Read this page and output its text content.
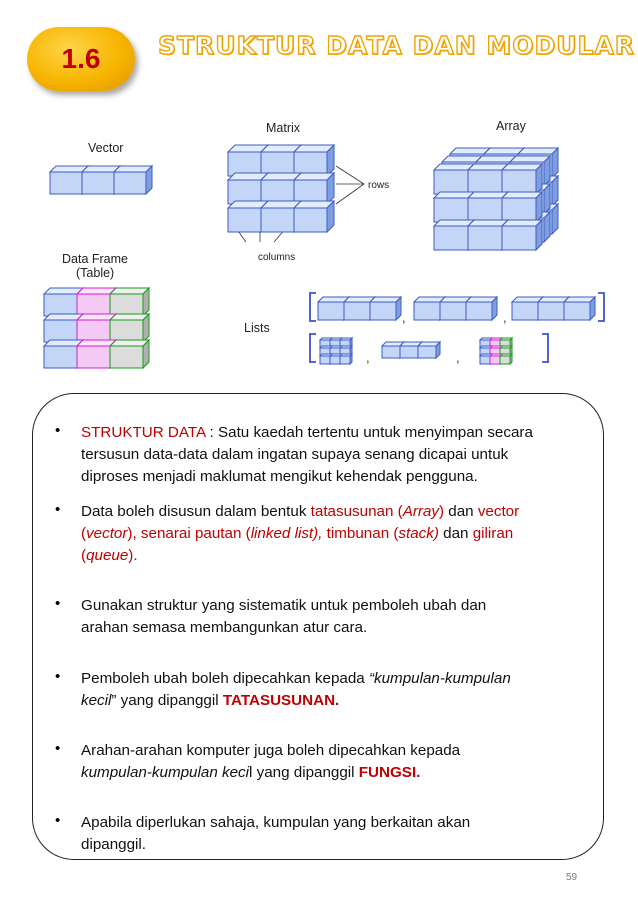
1.6 STRUKTUR DATA DAN MODULAR
Vector
Matrix	Array
rows
columns
Data Frame
(Table)
Lists
,	,
,	,
• STRUKTUR DATA : Satu kaedah tertentu untuk menyimpan secara
tersusun data-data dalam ingatan supaya senang dicapai untuk
diproses menjadi maklumat mengikut kehendak pengguna.
• Data boleh disusun dalam bentuk tatasusunan (Array) dan vector
(vector), senarai pautan (linked list), timbunan (stack) dan giliran
(queue).
• Gunakan struktur yang sistematik untuk pemboleh ubah dan
arahan semasa membangunkan atur cara.
• Pemboleh ubah boleh dipecahkan kepada “kumpulan-kumpulan
kecil” yang dipanggil TATASUSUNAN.
• Arahan-arahan komputer juga boleh dipecahkan kepada
kumpulan-kumpulan kecil yang dipanggil FUNGSI.
• Apabila diperlukan sahaja, kumpulan yang berkaitan akan
dipanggil.
59
